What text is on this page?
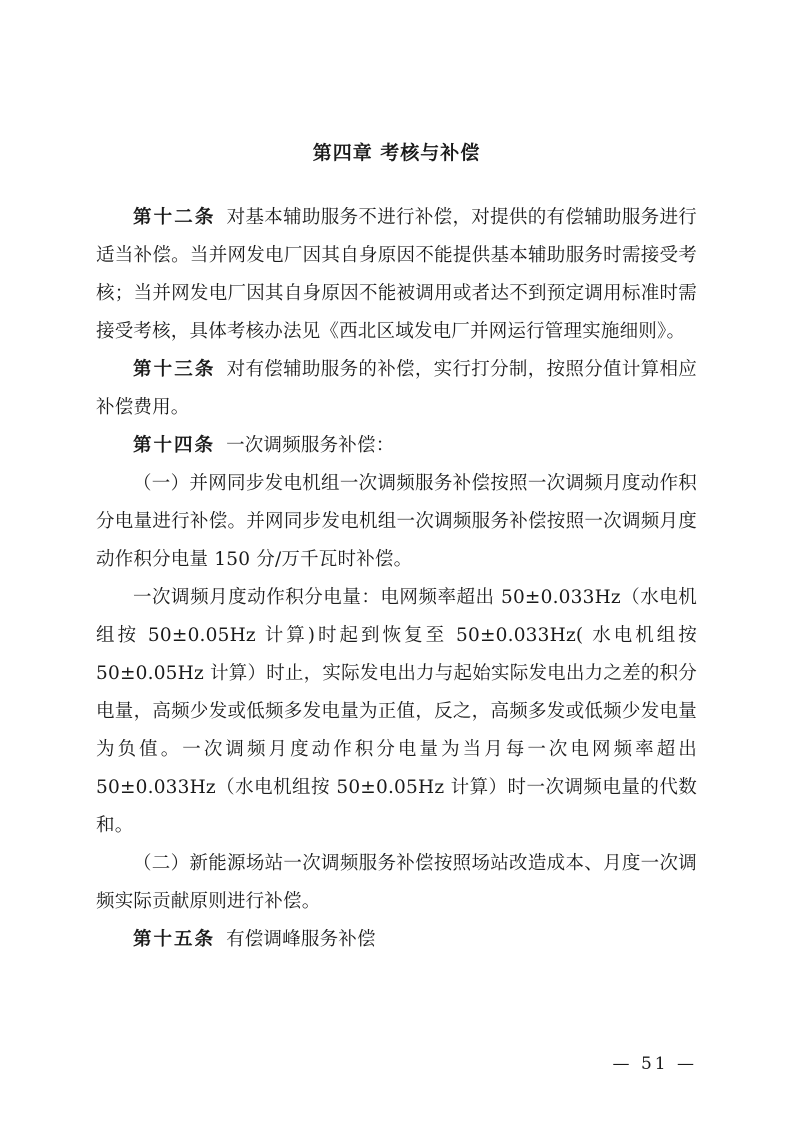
第四章 考核与补偿

第十二条 对基本辅助服务不进行补偿，对提供的有偿辅助服务进行适当补偿。当并网发电厂因其自身原因不能提供基本辅助服务时需接受考核；当并网发电厂因其自身原因不能被调用或者达不到预定调用标准时需接受考核，具体考核办法见《西北区域发电厂并网运行管理实施细则》。

第十三条 对有偿辅助服务的补偿，实行打分制，按照分值计算相应补偿费用。

第十四条 一次调频服务补偿：

（一）并网同步发电机组一次调频服务补偿按照一次调频月度动作积分电量进行补偿。并网同步发电机组一次调频服务补偿按照一次调频月度动作积分电量 150 分/万千瓦时补偿。

一次调频月度动作积分电量：电网频率超出 50±0.033Hz（水电机组按 50±0.05Hz 计算)时起到恢复至 50±0.033Hz( 水电机组按 50±0.05Hz 计算）时止，实际发电出力与起始实际发电出力之差的积分电量，高频少发或低频多发电量为正值，反之，高频多发或低频少发电量为负值。一次调频月度动作积分电量为当月每一次电网频率超出 50±0.033Hz（水电机组按 50±0.05Hz 计算）时一次调频电量的代数和。

（二）新能源场站一次调频服务补偿按照场站改造成本、月度一次调频实际贡献原则进行补偿。

第十五条 有偿调峰服务补偿

— 51 —
